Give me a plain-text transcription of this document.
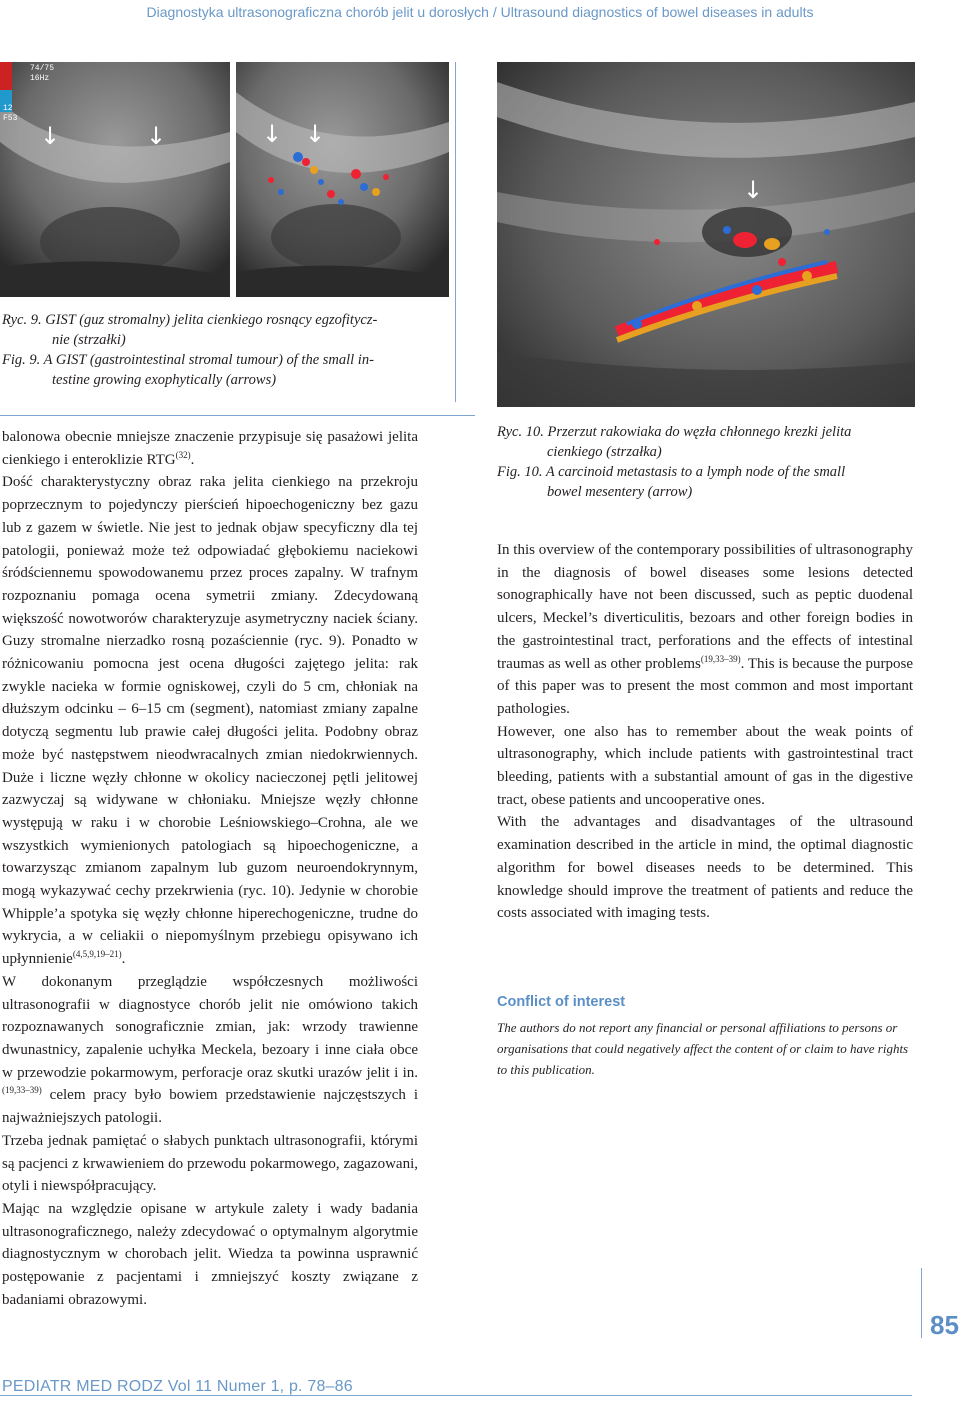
Diagnostyka ultrasonograficzna chorób jelit u dorosłych / Ultrasound diagnostics of bowel diseases in adults
74/75
16Hz
12
F53
↓	↓	↓ ↓
↓
Ryc. 9. GIST (guz stromalny) jelita cienkiego rosnący egzofitycz-
nie (strzałki)
Fig. 9. A GIST (gastrointestinal stromal tumour) of the small in-
testine growing exophytically (arrows)
Ryc. 10. Przerzut rakowiaka do węzła chłonnego krezki jelita
cienkiego (strzałka)
Fig. 10. A carcinoid metastasis to a lymph node of the small
bowel mesentery (arrow)

balonowa obecnie mniejsze znaczenie przypisuje się pasażowi jelita cienkiego i enteroklizie RTG$^{(32)}$.

Dość charakterystyczny obraz raka jelita cienkiego na przekroju poprzecznym to pojedynczy pierścień hipoechogeniczny bez gazu lub z gazem w świetle. Nie jest to jednak objaw specyficzny dla tej patologii, ponieważ może też odpowiadać głębokiemu naciekowi śródściennemu spowodowanemu przez proces zapalny. W trafnym rozpoznaniu pomaga ocena symetrii zmiany. Zdecydowaną większość nowotworów charakteryzuje asymetryczny naciek ściany. Guzy stromalne nierzadko rosną pozaściennie (ryc. 9). Ponadto w różnicowaniu pomocna jest ocena długości zajętego jelita: rak zwykle nacieka w formie ogniskowej, czyli do 5 cm, chłoniak na dłuższym odcinku – 6–15 cm (segment), natomiast zmiany zapalne dotyczą segmentu lub prawie całej długości jelita. Podobny obraz może być następstwem nieodwracalnych zmian niedokrwiennych. Duże i liczne węzły chłonne w okolicy nacieczonej pętli jelitowej zazwyczaj są widywane w chłoniaku. Mniejsze węzły chłonne występują w raku i w chorobie Leśniowskiego–Crohna, ale we wszystkich wymienionych patologiach są hipoechogeniczne, a towarzysząc zmianom zapalnym lub guzom neuroendokrynnym, mogą wykazywać cechy przekrwienia (ryc. 10). Jedynie w chorobie Whipple’a spotyka się węzły chłonne hiperechogeniczne, trudne do wykrycia, a w celiakii o niepomyślnym przebiegu opisywano ich upłynnienie$^{(4,5,9,19-21)}$.

W dokonanym przeglądzie współczesnych możliwości ultrasonografii w diagnostyce chorób jelit nie omówiono takich rozpoznawanych sonograficznie zmian, jak: wrzody trawienne dwunastnicy, zapalenie uchyłka Meckela, bezoary i inne ciała obce w przewodzie pokarmowym, perforacje oraz skutki urazów jelit i in.$^{(19,33-39)}$ celem pracy było bowiem przedstawienie najczęstszych i najważniejszych patologii.

Trzeba jednak pamiętać o słabych punktach ultrasonografii, którymi są pacjenci z krwawieniem do przewodu pokarmowego, zagazowani, otyli i niewspółpracujący.

Mając na względzie opisane w artykule zalety i wady badania ultrasonograficznego, należy zdecydować o optymalnym algorytmie diagnostycznym w chorobach jelit. Wiedza ta powinna usprawnić postępowanie z pacjentami i zmniejszyć koszty związane z badaniami obrazowymi.

In this overview of the contemporary possibilities of ultrasonography in the diagnosis of bowel diseases some lesions detected sonographically have not been discussed, such as peptic duodenal ulcers, Meckel’s diverticulitis, bezoars and other foreign bodies in the gastrointestinal tract, perforations and the effects of intestinal traumas as well as other problems$^{(19,33-39)}$. This is because the purpose of this paper was to present the most common and most important pathologies.

However, one also has to remember about the weak points of ultrasonography, which include patients with gastrointestinal tract bleeding, patients with a substantial amount of gas in the digestive tract, obese patients and uncooperative ones.

With the advantages and disadvantages of the ultrasound examination described in the article in mind, the optimal diagnostic algorithm for bowel diseases needs to be determined. This knowledge should improve the treatment of patients and reduce the costs associated with imaging tests.

Conflict of interest
The authors do not report any financial or personal affiliations to persons or organisations that could negatively affect the content of or claim to have rights to this publication.
85
PEDIATR MED RODZ Vol 11 Numer 1, p. 78–86
